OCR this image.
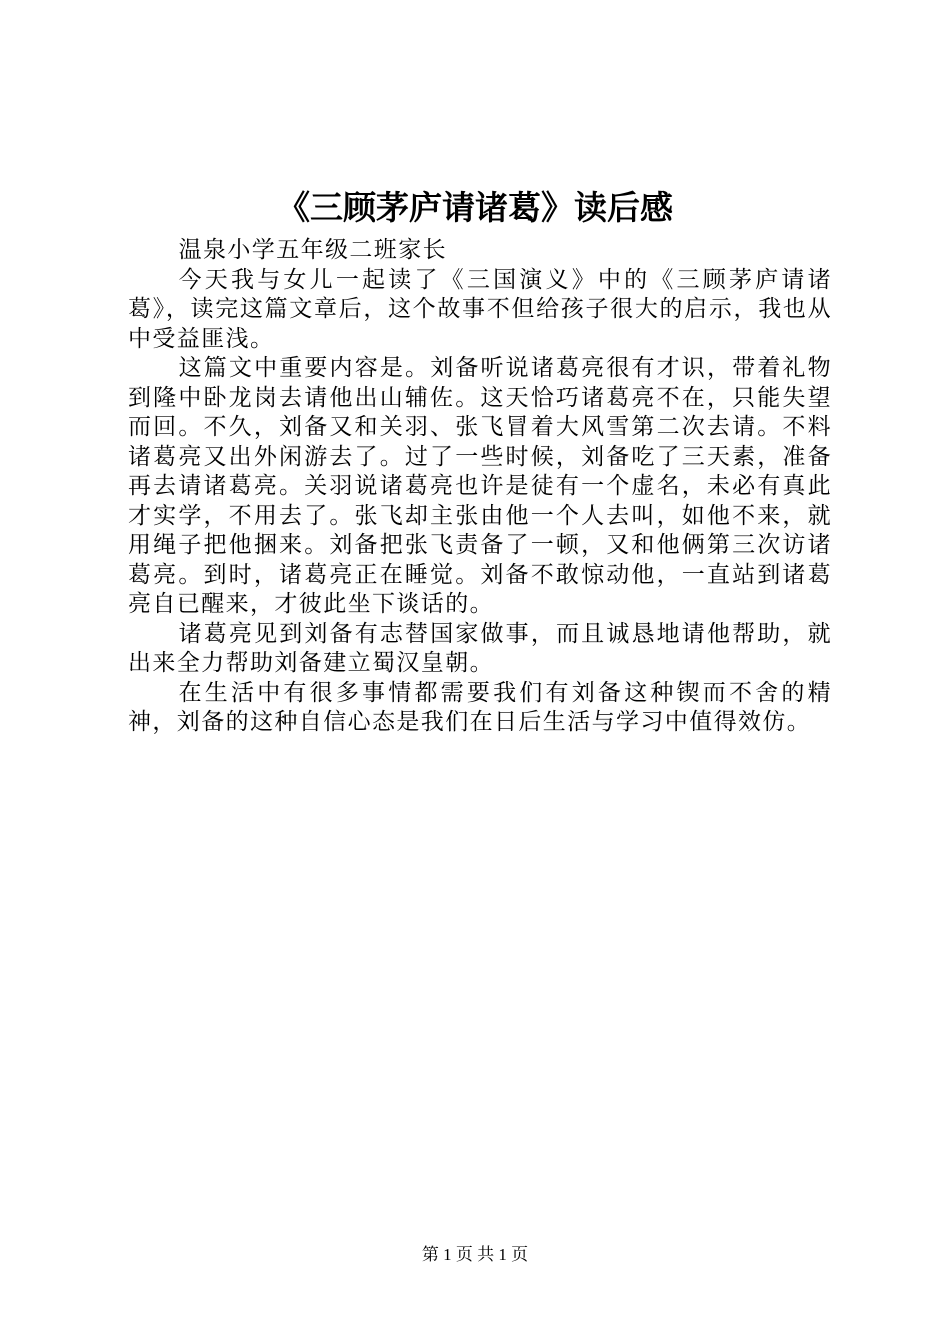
《三顾茅庐请诸葛》读后感

温泉小学五年级二班家长

今天我与女儿一起读了《三国演义》中的《三顾茅庐请诸葛》，读完这篇文章后，这个故事不但给孩子很大的启示，我也从中受益匪浅。

这篇文中重要内容是。刘备听说诸葛亮很有才识，带着礼物到隆中卧龙岗去请他出山辅佐。这天恰巧诸葛亮不在，只能失望而回。不久，刘备又和关羽、张飞冒着大风雪第二次去请。不料诸葛亮又出外闲游去了。过了一些时候，刘备吃了三天素，准备再去请诸葛亮。关羽说诸葛亮也许是徒有一个虚名，未必有真此才实学，不用去了。张飞却主张由他一个人去叫，如他不来，就用绳子把他捆来。刘备把张飞责备了一顿，又和他俩第三次访诸葛亮。到时，诸葛亮正在睡觉。刘备不敢惊动他，一直站到诸葛亮自已醒来，才彼此坐下谈话的。

诸葛亮见到刘备有志替国家做事，而且诚恳地请他帮助，就出来全力帮助刘备建立蜀汉皇朝。

在生活中有很多事情都需要我们有刘备这种锲而不舍的精神，刘备的这种自信心态是我们在日后生活与学习中值得效仿。

第 1 页 共 1 页
